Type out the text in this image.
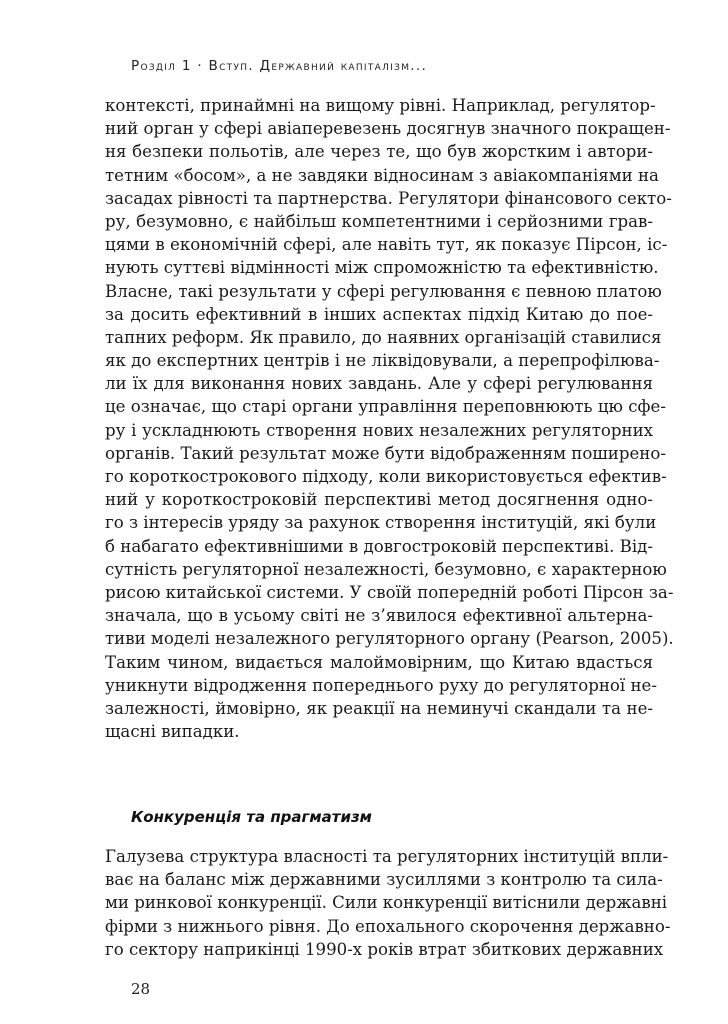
Розділ 1 · Вступ. Державний капіталізм...
контексті, принаймні на вищому рівні. Наприклад, регулятор-
ний орган у сфері авіаперевезень досягнув значного покращен-
ня безпеки польотів, але через те, що був жорстким і автори-
тетним «босом», а не завдяки відносинам з авіакомпаніями на
засадах рівності та партнерства. Регулятори фінансового секто-
ру, безумовно, є найбільш компетентними і серйозними грав-
цями в економічній сфері, але навіть тут, як показує Пірсон, іс-
нують суттєві відмінності між спроможністю та ефективністю.
Власне, такі результати у сфері регулювання є певною платою
за досить ефективний в інших аспектах підхід Китаю до пое-
тапних реформ. Як правило, до наявних організацій ставилися
як до експертних центрів і не ліквідовували, а перепрофілюва-
ли їх для виконання нових завдань. Але у сфері регулювання
це означає, що старі органи управління переповнюють цю сфе-
ру і ускладнюють створення нових незалежних регуляторних
органів. Такий результат може бути відображенням поширено-
го короткострокового підходу, коли використовується ефектив-
ний у короткостроковій перспективі метод досягнення одно-
го з інтересів уряду за рахунок створення інституцій, які були
б набагато ефективнішими в довгостроковій перспективі. Від-
сутність регуляторної незалежності, безумовно, є характерною
рисою китайської системи. У своїй попередній роботі Пірсон за-
значала, що в усьому світі не з’явилося ефективної альтерна-
тиви моделі незалежного регуляторного органу (Pearson, 2005).
Таким чином, видається малоймовірним, що Китаю вдасться
уникнути відродження попереднього руху до регуляторної не-
залежності, ймовірно, як реакції на неминучі скандали та не-
щасні випадки.
Конкуренція та прагматизм
Галузева структура власності та регуляторних інституцій впли-
ває на баланс між державними зусиллями з контролю та сила-
ми ринкової конкуренції. Сили конкуренції витіснили державні
фірми з нижнього рівня. До епохального скорочення державно-
го сектору наприкінці 1990-х років втрат збиткових державних
28
